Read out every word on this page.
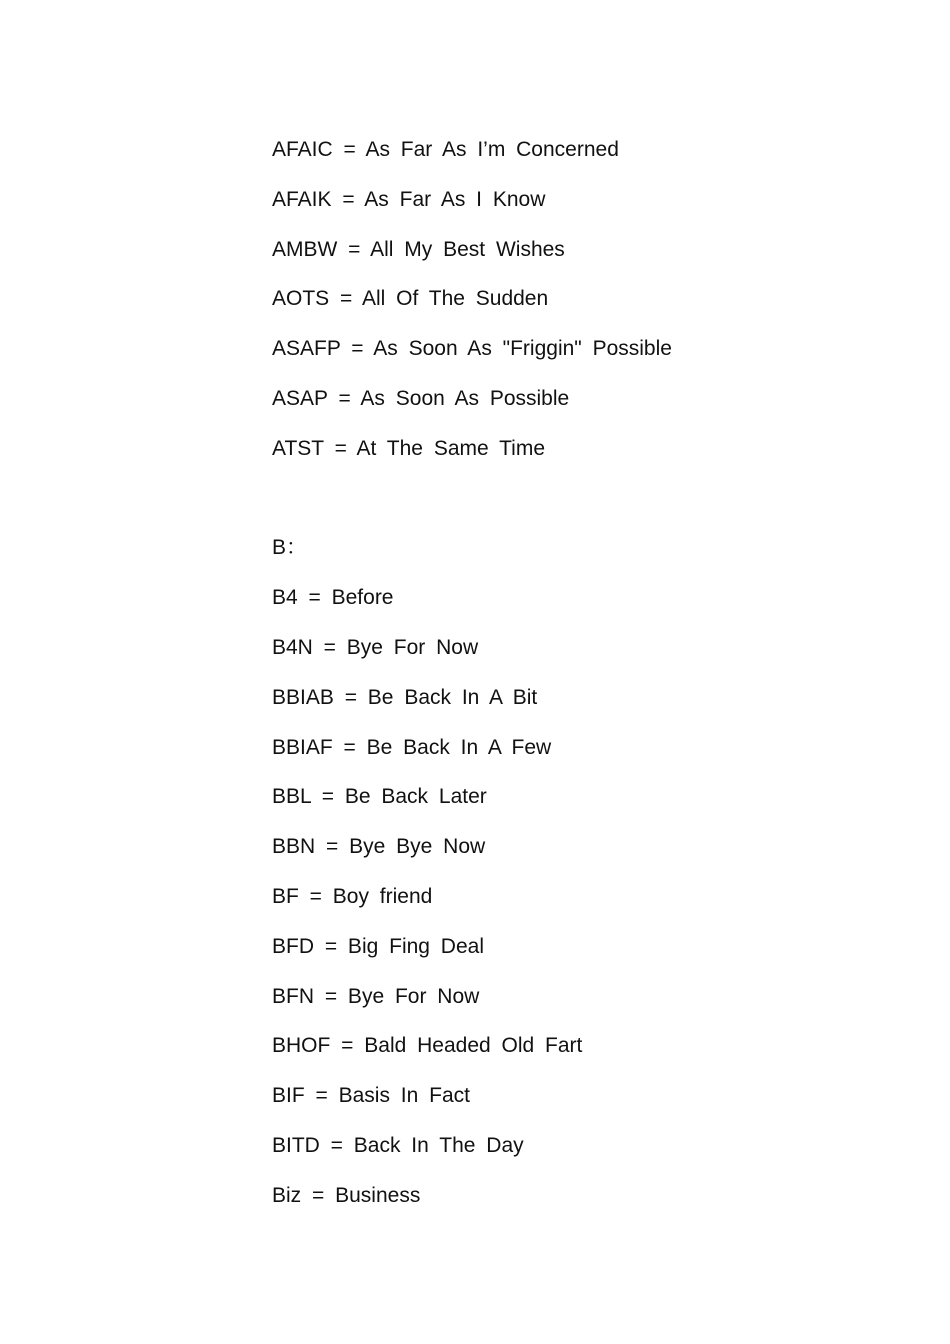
AFAIC = As Far As I’m Concerned
AFAIK = As Far As I Know
AMBW = All My Best Wishes
AOTS = All Of The Sudden
ASAFP = As Soon As "Friggin" Possible
ASAP = As Soon As Possible
ATST = At The Same Time
B：
B4 = Before
B4N = Bye For Now
BBIAB = Be Back In A Bit
BBIAF = Be Back In A Few
BBL = Be Back Later
BBN = Bye Bye Now
BF = Boy friend
BFD = Big Fing Deal
BFN = Bye For Now
BHOF = Bald Headed Old Fart
BIF = Basis In Fact
BITD = Back In The Day
Biz = Business
